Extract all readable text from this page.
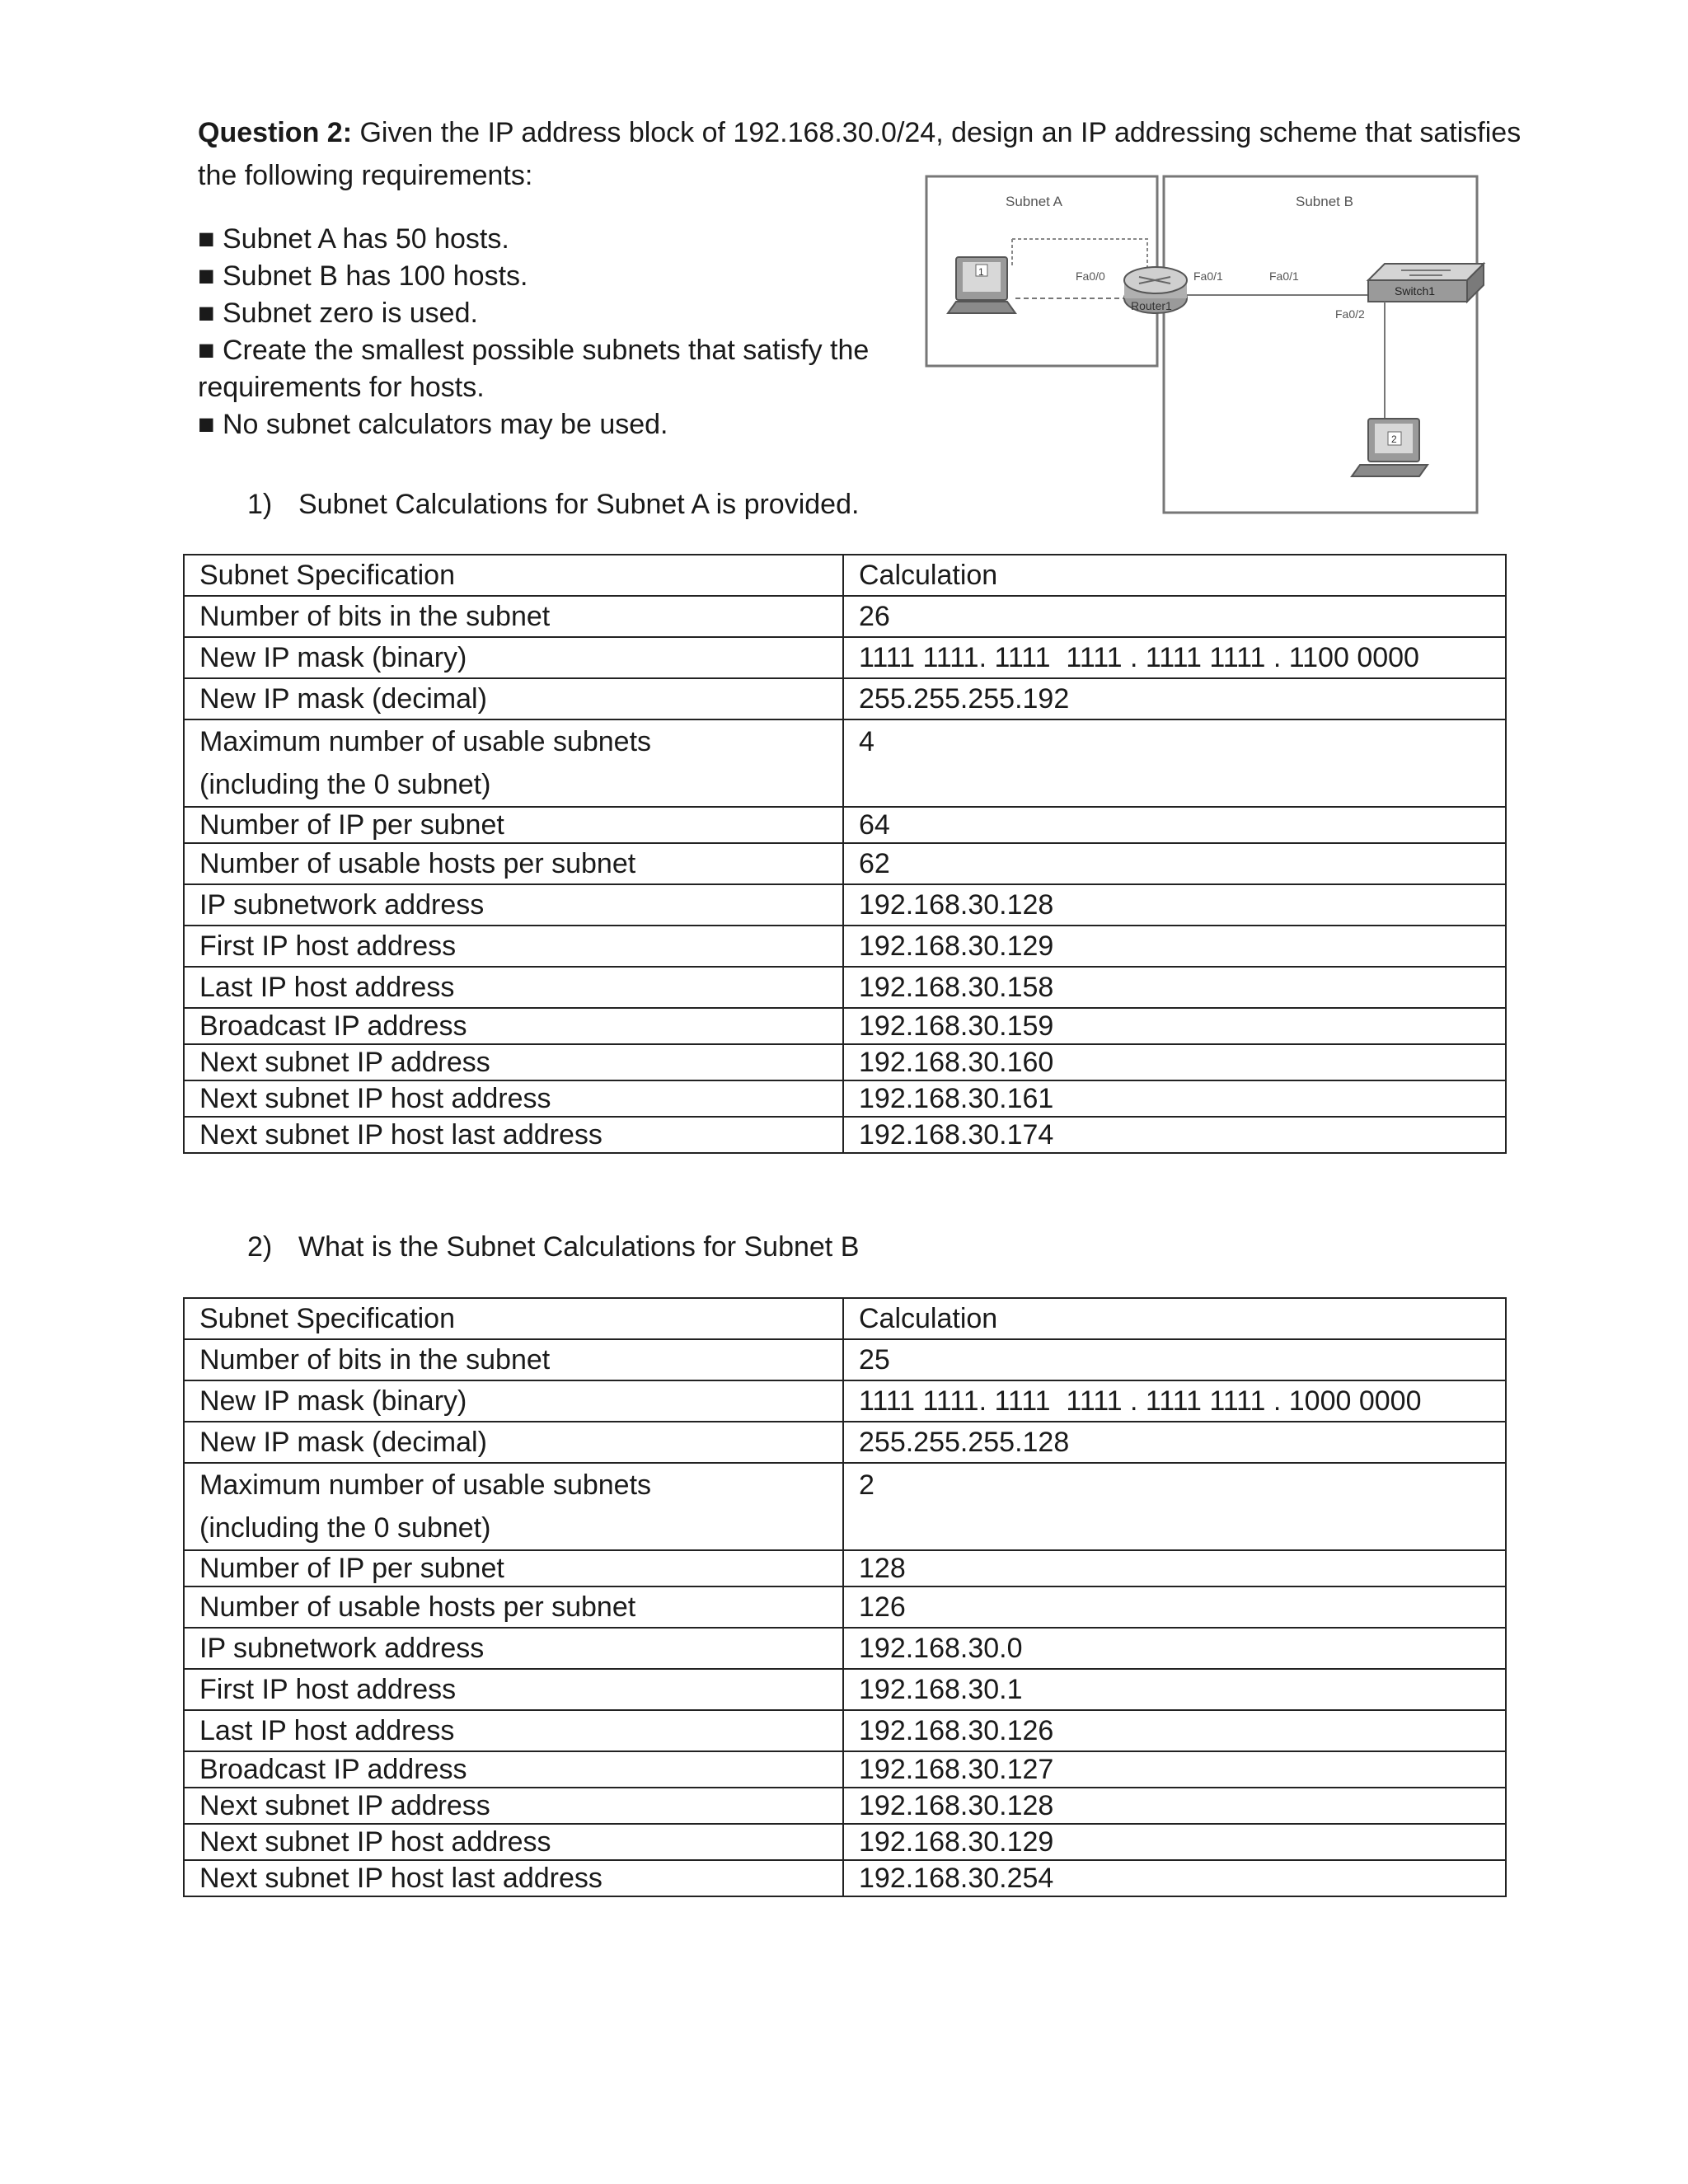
Question 2: Given the IP address block of 192.168.30.0/24, design an IP addressing scheme that satisfies
the following requirements:
■ Subnet A has 50 hosts.
■ Subnet B has 100 hosts.
■ Subnet zero is used.
■ Create the smallest possible subnets that satisfy the requirements for hosts.
■ No subnet calculators may be used.
Subnet A	Subnet B
1	Fa0/0
Router1
Fa0/1	Fa0/1
Switch1
Fa0/2
2
1) Subnet Calculations for Subnet A is provided.
Subnet Specification	Calculation
Number of bits in the subnet	26
New IP mask (binary)	1111 1111. 1111  1111 . 1111 1111 . 1100 0000
New IP mask (decimal)	255.255.255.192

Maximum number of usable subnets
(including the 0 subnet)	4
Number of IP per subnet	64
Number of usable hosts per subnet	62
IP subnetwork address	192.168.30.128
First IP host address	192.168.30.129
Last IP host address	192.168.30.158
Broadcast IP address	192.168.30.159
Next subnet IP address	192.168.30.160
Next subnet IP host address	192.168.30.161
Next subnet IP host last address	192.168.30.174
2) What is the Subnet Calculations for Subnet B
Subnet Specification	Calculation
Number of bits in the subnet	25
New IP mask (binary)	1111 1111. 1111  1111 . 1111 1111 . 1000 0000
New IP mask (decimal)	255.255.255.128

Maximum number of usable subnets
(including the 0 subnet)	2
Number of IP per subnet	128
Number of usable hosts per subnet	126
IP subnetwork address	192.168.30.0
First IP host address	192.168.30.1
Last IP host address	192.168.30.126
Broadcast IP address	192.168.30.127
Next subnet IP address	192.168.30.128
Next subnet IP host address	192.168.30.129
Next subnet IP host last address	192.168.30.254
